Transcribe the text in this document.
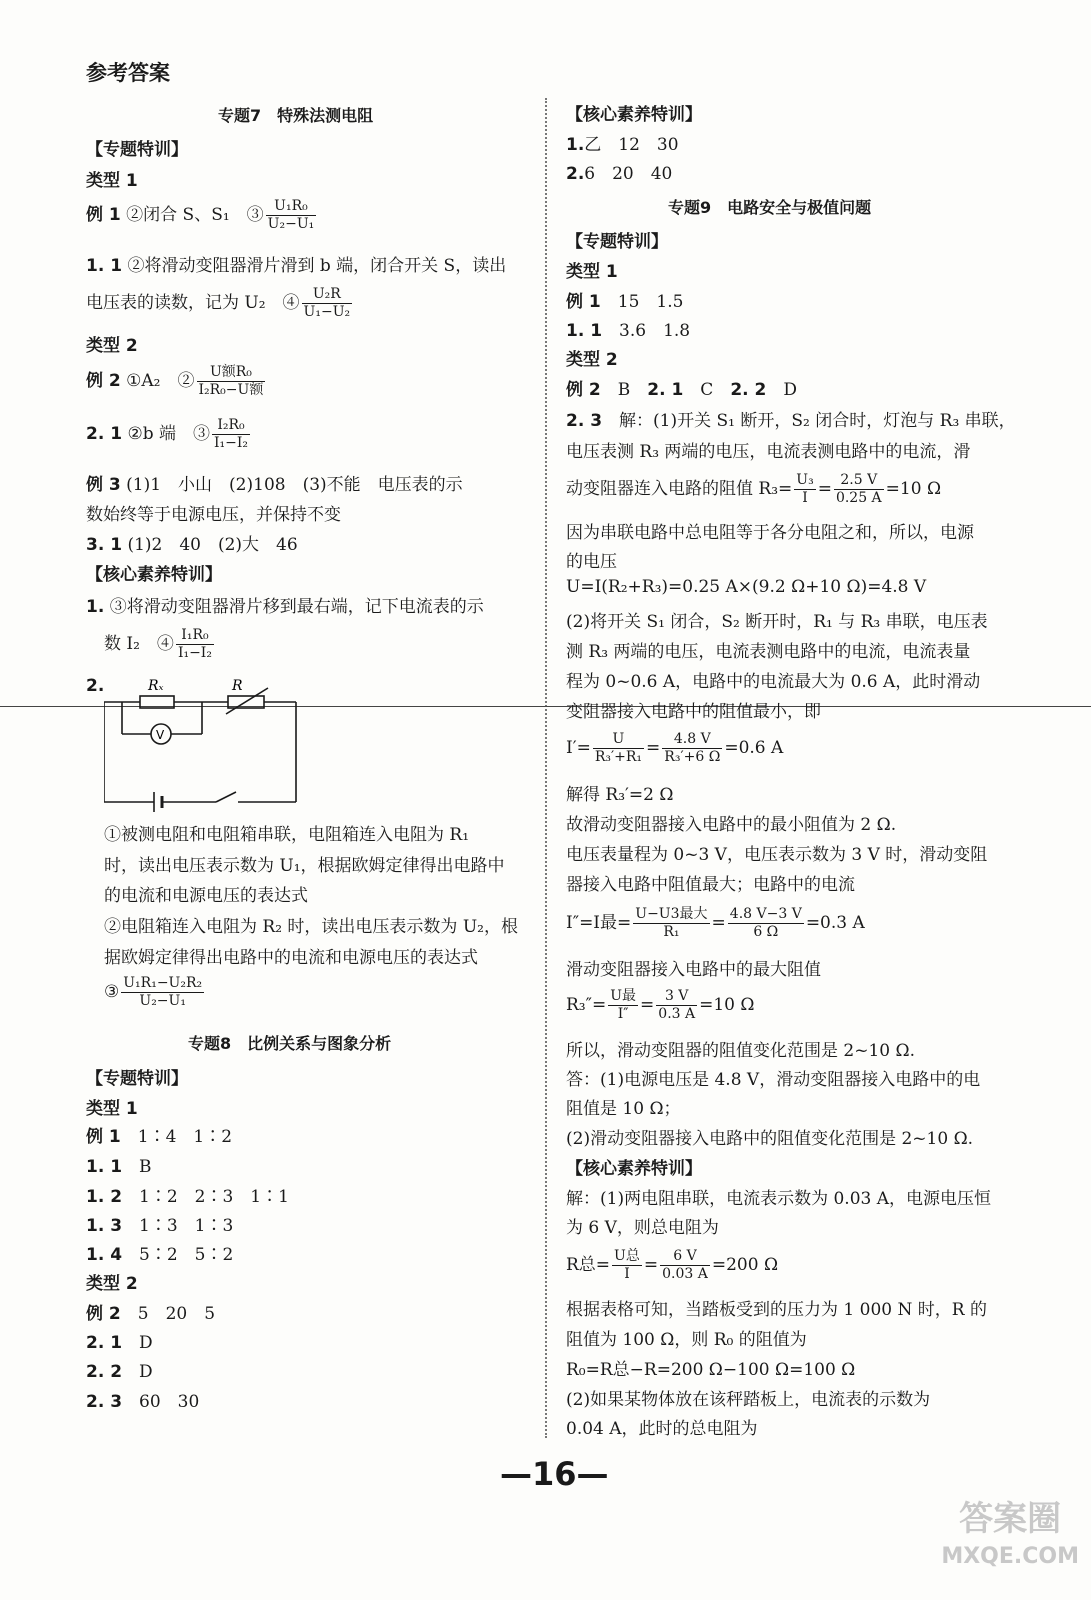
参考答案
专题7　特殊法测电阻
【专题特训】
类型 1
例 1 ②闭合 S、S₁　③ $\frac{\text{U₁R₀}}{\text{U₂−U₁}}$
1. 1 ②将滑动变阻器滑片滑到 b 端，闭合开关 S，读出
电压表的读数，记为 U₂　④ $\frac{\text{U₂R}}{\text{U₁−U₂}}$
类型 2
例 2 ①A₂　② $\frac{\text{U额R₀}}{\text{I₂R₀−U额}}$
2. 1 ②b 端　③ $\frac{\text{I₂R₀}}{\text{I₁−I₂}}$
例 3 (1)1　小山　(2)108　(3)不能　电压表的示
数始终等于电源电压，并保持不变
3. 1 (1)2　40　(2)大　46
【核心素养特训】
1. ③将滑动变阻器滑片移到最右端，记下电流表的示
数 I₂　④ $\frac{\text{I₁R₀}}{\text{I₁−I₂}}$
2.	Rₓ	R
V
①被测电阻和电阻箱串联，电阻箱连入电阻为 R₁
时，读出电压表示数为 U₁，根据欧姆定律得出电路中
的电流和电源电压的表达式
②电阻箱连入电阻为 R₂ 时，读出电压表示数为 U₂，根
据欧姆定律得出电路中的电流和电源电压的表达式
③ $\frac{\text{U₁R₁−U₂R₂}}{\text{U₂−U₁}}$
专题8　比例关系与图象分析
【专题特训】
类型 1
例 1　 1∶4　1∶2
1. 1　 B
1. 2　 1∶2　2∶3　1∶1
1. 3　 1∶3　1∶3
1. 4　 5∶2　5∶2
类型 2
例 2　 5　20　5
2. 1　 D
2. 2　 D
2. 3　 60　30
【核心素养特训】
1.乙　12　30
2.6　20　40
专题9　电路安全与极值问题
【专题特训】
类型 1
例 1　 15　1.5
1. 1　 3.6　1.8
类型 2
例 2　 B　2. 1　 C　2. 2　 D
2. 3　 解：(1)开关 S₁ 断开，S₂ 闭合时，灯泡与 R₃ 串联，
电压表测 R₃ 两端的电压，电流表测电路中的电流，滑
动变阻器连入电路的阻值 $R_3= \frac{\text{U₃}}{I} = \frac{2.5 V}{0.25 A} =10$ Ω
因为串联电路中总电阻等于各分电阻之和，所以，电源
的电压
U=I(R₂+R₃)=0.25 A×(9.2 Ω+10 Ω)=4.8 V
(2)将开关 S₁ 闭合，S₂ 断开时，R₁ 与 R₃ 串联，电压表
测 R₃ 两端的电压，电流表测电路中的电流，电流表量
程为 0~0.6 A，电路中的电流最大为 0.6 A，此时滑动
变阻器接入电路中的阻值最小，即
$I'= \frac{U}{\text{R₃′+R₁}} = \frac{4.8 V}{\text{R₃′+6 Ω}} =0.6$ A
解得 R₃′=2 Ω
故滑动变阻器接入电路中的最小阻值为 2 Ω.
电压表量程为 0~3 V，电压表示数为 3 V 时，滑动变阻
器接入电路中阻值最大；电路中的电流
I″=I最= $\frac{\text{U−U3最大}}{\text{R₁}} = \frac{4.8 V-3 V}{6 \Omega} =0.3$ A
滑动变阻器接入电路中的最大阻值
$R_3''= \frac{\text{U最}}{I''} = \frac{3 V}{0.3 A} =10$ Ω
所以，滑动变阻器的阻值变化范围是 2~10 Ω.
答：(1)电源电压是 4.8 V，滑动变阻器接入电路中的电
阻值是 10 Ω；
(2)滑动变阻器接入电路中的阻值变化范围是 2~10 Ω.
【核心素养特训】
解：(1)两电阻串联，电流表示数为 0.03 A，电源电压恒
为 6 V，则总电阻为
R总= $\frac{\text{U总}}{I} = \frac{6 V}{0.03 A} =200$ Ω
根据表格可知，当踏板受到的压力为 1 000 N 时，R 的
阻值为 100 Ω，则 R₀ 的阻值为
R₀=R总−R=200 Ω−100 Ω=100 Ω
(2)如果某物体放在该秤踏板上，电流表的示数为
0.04 A，此时的总电阻为
—16—
答案圈
MXQE.COM
